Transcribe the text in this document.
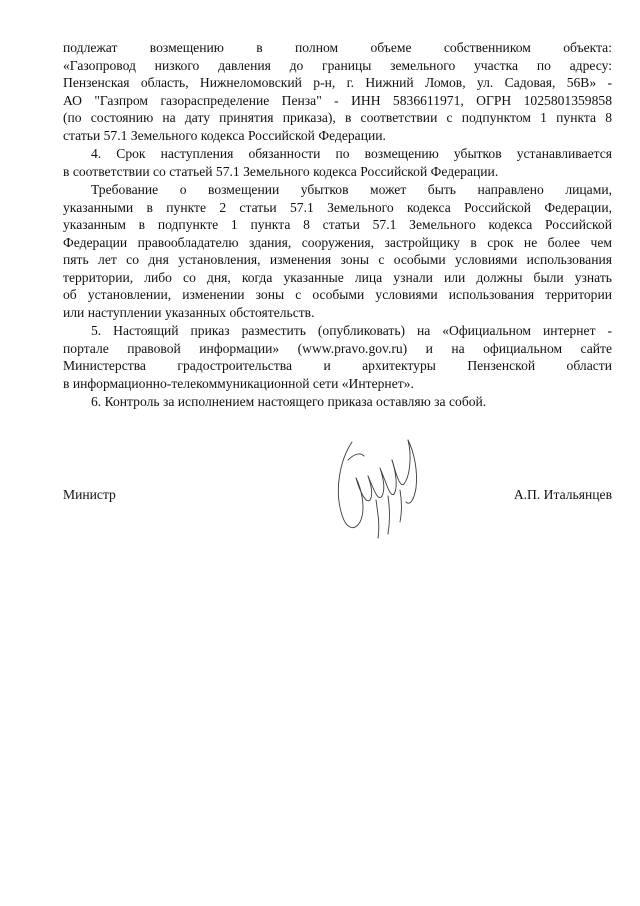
подлежат возмещению в полном объеме собственником объекта:
«Газопровод низкого давления до границы земельного участка по адресу:
Пензенская область, Нижнеломовский р-н, г. Нижний Ломов, ул. Садовая, 56В» -
АО "Газпром газораспределение Пенза" - ИНН 5836611971, ОГРН 1025801359858
(по состоянию на дату принятия приказа), в соответствии с подпунктом 1 пункта 8
статьи 57.1 Земельного кодекса Российской Федерации.
4. Срок наступления обязанности по возмещению убытков устанавливается
в соответствии со статьей 57.1 Земельного кодекса Российской Федерации.
Требование о возмещении убытков может быть направлено лицами,
указанными в пункте 2 статьи 57.1 Земельного кодекса Российской Федерации,
указанным в подпункте 1 пункта 8 статьи 57.1 Земельного кодекса Российской
Федерации правообладателю здания, сооружения, застройщику в срок не более чем
пять лет со дня установления, изменения зоны с особыми условиями использования
территории, либо со дня, когда указанные лица узнали или должны были узнать
об установлении, изменении зоны с особыми условиями использования территории
или наступлении указанных обстоятельств.
5. Настоящий приказ разместить (опубликовать) на «Официальном интернет -
портале правовой информации» (www.pravo.gov.ru) и на официальном сайте
Министерства градостроительства и архитектуры Пензенской области
в информационно-телекоммуникационной сети «Интернет».
6. Контроль за исполнением настоящего приказа оставляю за собой.
Министр	А.П. Итальянцев
